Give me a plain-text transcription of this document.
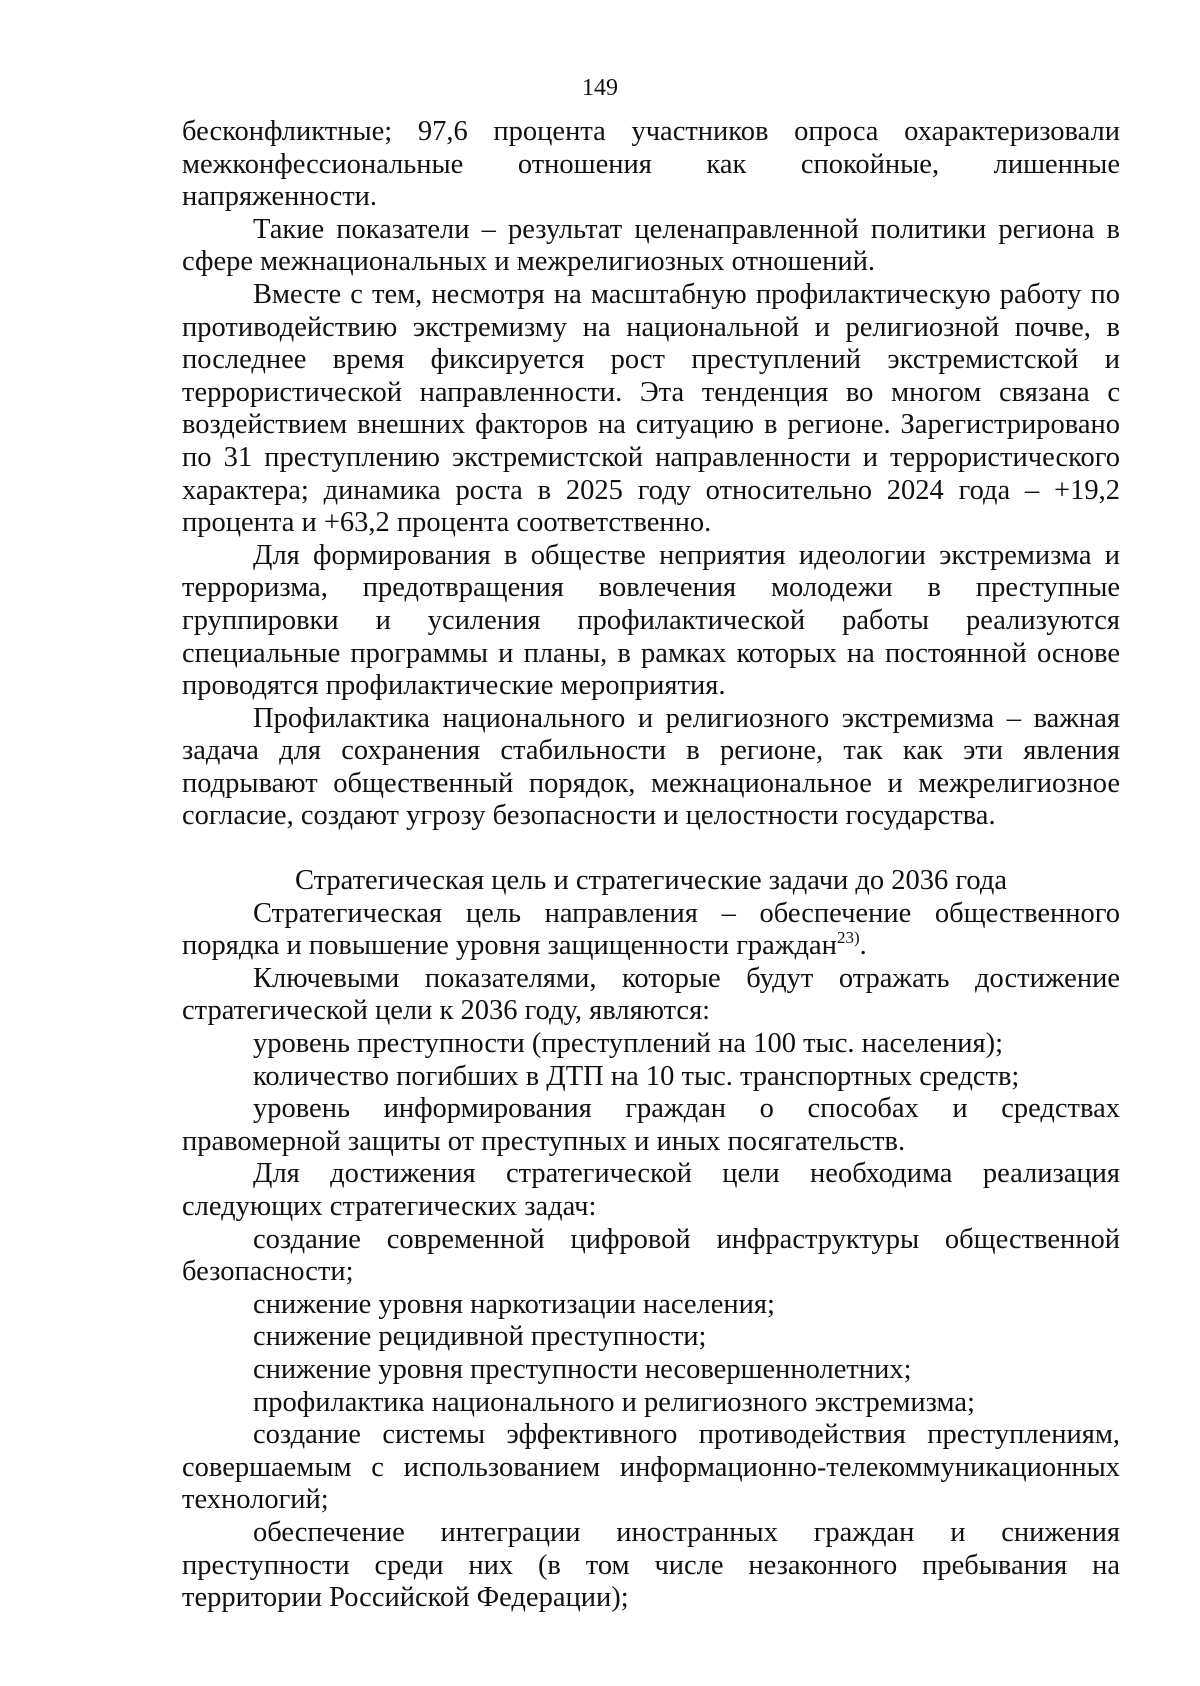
149

бесконфликтные; 97,6 процента участников опроса охарактеризовали межконфессиональные отношения как спокойные, лишенные напряженности.

Такие показатели – результат целенаправленной политики региона в сфере межнациональных и межрелигиозных отношений.

Вместе с тем, несмотря на масштабную профилактическую работу по противодействию экстремизму на национальной и религиозной почве, в последнее время фиксируется рост преступлений экстремистской и террористической направленности. Эта тенденция во многом связана с воздействием внешних факторов на ситуацию в регионе. Зарегистрировано по 31 преступлению экстремистской направленности и террористического характера; динамика роста в 2025 году относительно 2024 года – +19,2 процента и +63,2 процента соответственно.

Для формирования в обществе неприятия идеологии экстремизма и терроризма, предотвращения вовлечения молодежи в преступные группировки и усиления профилактической работы реализуются специальные программы и планы, в рамках которых на постоянной основе проводятся профилактические мероприятия.

Профилактика национального и религиозного экстремизма – важная задача для сохранения стабильности в регионе, так как эти явления подрывают общественный порядок, межнациональное и межрелигиозное согласие, создают угрозу безопасности и целостности государства.

Стратегическая цель и стратегические задачи до 2036 года

Стратегическая цель направления – обеспечение общественного порядка и повышение уровня защищенности граждан$^{23)}$.

Ключевыми показателями, которые будут отражать достижение стратегической цели к 2036 году, являются:

уровень преступности (преступлений на 100 тыс. населения);

количество погибших в ДТП на 10 тыс. транспортных средств;

уровень информирования граждан о способах и средствах правомерной защиты от преступных и иных посягательств.

Для достижения стратегической цели необходима реализация следующих стратегических задач:

создание современной цифровой инфраструктуры общественной безопасности;

снижение уровня наркотизации населения;

снижение рецидивной преступности;

снижение уровня преступности несовершеннолетних;

профилактика национального и религиозного экстремизма;

создание системы эффективного противодействия преступлениям, совершаемым с использованием информационно-телекоммуникационных технологий;

обеспечение интеграции иностранных граждан и снижения преступности среди них (в том числе незаконного пребывания на территории Российской Федерации);
